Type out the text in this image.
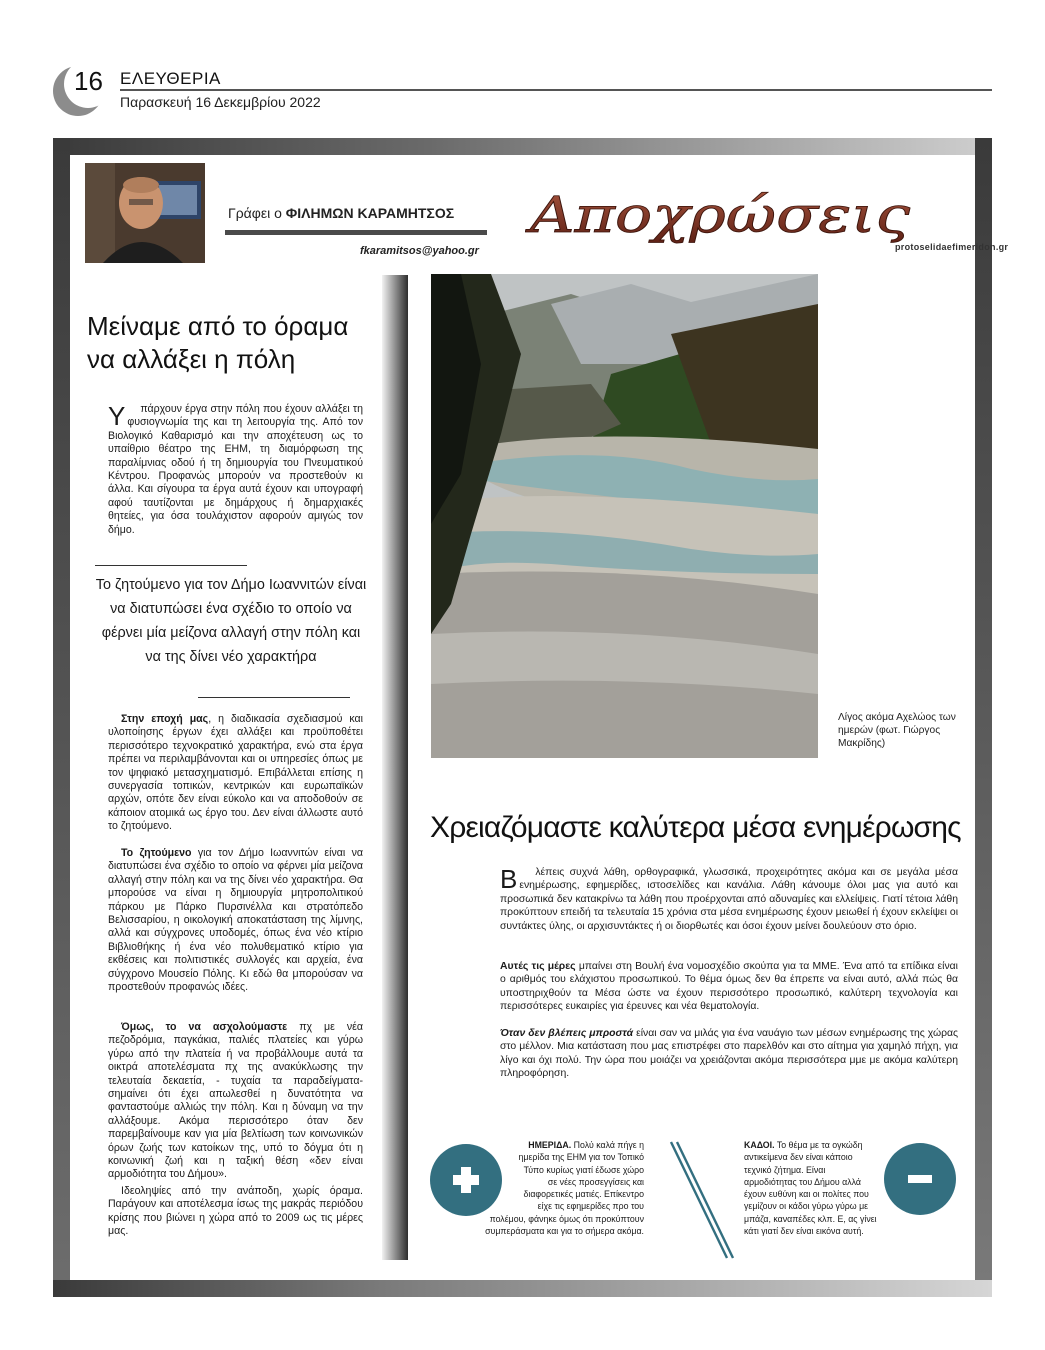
16 ΕΛΕΥΘΕΡΙΑ
Παρασκευή 16 Δεκεμβρίου 2022
Γράφει ο ΦΙΛΗΜΩΝ ΚΑΡΑΜΗΤΣΟΣ
fkaramitsos@yahoo.gr
Αποχρώσεις
protoselidaefimeridon.gr
Μείναμε από το όραμα να αλλάξει η πόλη
Υ πάρχουν έργα στην πόλη που έχουν αλλάξει τη φυσιογνωμία της και τη λειτουργία της. Από τον Βιολογικό Καθαρισμό και την αποχέτευση ως το υπαίθριο θέατρο της ΕΗΜ, τη διαμόρφωση της παραλίμνιας οδού ή τη δημιουργία του Πνευματικού Κέντρου. Προφανώς μπορούν να προστεθούν κι άλλα. Και σίγουρα τα έργα αυτά έχουν και υπογραφή αφού ταυτίζονται με δημάρχους ή δημαρχιακές θητείες, για όσα τουλάχιστον αφορούν αμιγώς τον δήμο.
Το ζητούμενο για τον Δήμο Ιωαννιτών είναι να διατυπώσει ένα σχέδιο το οποίο να φέρνει μία μείζονα αλλαγή στην πόλη και να της δίνει νέο χαρακτήρα
Στην εποχή μας, η διαδικασία σχεδιασμού και υλοποίησης έργων έχει αλλάξει και προϋποθέτει περισσότερο τεχνοκρατικό χαρακτήρα, ενώ στα έργα πρέπει να περιλαμβάνονται και οι υπηρεσίες όπως με τον ψηφιακό μετασχηματισμό. Επιβάλλεται επίσης η συνεργασία τοπικών, κεντρικών και ευρωπαϊκών αρχών, οπότε δεν είναι εύκολο και να αποδοθούν σε κάποιον ατομικά ως έργο του. Δεν είναι άλλωστε αυτό το ζητούμενο.
Το ζητούμενο για τον Δήμο Ιωαννιτών είναι να διατυπώσει ένα σχέδιο το οποίο να φέρνει μία μείζονα αλλαγή στην πόλη και να της δίνει νέο χαρακτήρα. Θα μπορούσε να είναι η δημιουργία μητροπολιτικού πάρκου με Πάρκο Πυρσινέλλα και στρατόπεδο Βελισσαρίου, η οικολογική αποκατάσταση της λίμνης, αλλά και σύγχρονες υποδομές, όπως ένα νέο κτίριο Βιβλιοθήκης ή ένα νέο πολυθεματικό κτίριο για εκθέσεις και πολιτιστικές συλλογές και αρχεία, ένα σύγχρονο Μουσείο Πόλης. Κι εδώ θα μπορούσαν να προστεθούν προφανώς ιδέες.
Όμως, το να ασχολούμαστε πχ με νέα πεζοδρόμια, παγκάκια, παλιές πλατείες και γύρω γύρω από την πλατεία ή να προβάλλουμε αυτά τα οικτρά αποτελέσματα πχ της ανακύκλωσης την τελευταία δεκαετία, - τυχαία τα παραδείγματα- σημαίνει ότι έχει απωλεσθεί η δυνατότητα να φανταστούμε αλλιώς την πόλη. Και η δύναμη να την αλλάξουμε. Ακόμα περισσότερο όταν δεν παρεμβαίνουμε καν για μία βελτίωση των κοινωνικών όρων ζωής των κατοίκων της, υπό το δόγμα ότι η κοινωνική ζωή και η ταξική θέση «δεν είναι αρμοδιότητα του Δήμου».
Ιδεοληψίες από την ανάποδη, χωρίς όραμα. Παράγουν και αποτέλεσμα ίσως της μακράς περιόδου κρίσης που βιώνει η χώρα από το 2009 ως τις μέρες μας.
Λίγος ακόμα Αχελώος των ημερών (φωτ. Γιώργος Μακρίδης)
Χρειαζόμαστε καλύτερα μέσα ενημέρωσης
Β λέπεις συχνά λάθη, ορθογραφικά, γλωσσικά, προχειρότητες ακόμα και σε μεγάλα μέσα ενημέρωσης, εφημερίδες, ιστοσελίδες και κανάλια. Λάθη κάνουμε όλοι μας για αυτό και προσωπικά δεν κατακρίνω τα λάθη που προέρχονται από αδυναμίες και ελλείψεις. Γιατί τέτοια λάθη προκύπτουν επειδή τα τελευταία 15 χρόνια στα μέσα ενημέρωσης έχουν μειωθεί ή έχουν εκλείψει οι συντάκτες ύλης, οι αρχισυντάκτες ή οι διορθωτές και όσοι έχουν μείνει δουλεύουν στο όριο.
Αυτές τις μέρες μπαίνει στη Βουλή ένα νομοσχέδιο σκούπα για τα ΜΜΕ. Ένα από τα επίδικα είναι ο αριθμός του ελάχιστου προσωπικού. Το θέμα όμως δεν θα έπρεπε να είναι αυτό, αλλά πώς θα υποστηριχθούν τα Μέσα ώστε να έχουν περισσότερο προσωπικό, καλύτερη τεχνολογία και περισσότερες ευκαιρίες για έρευνες και νέα θεματολογία.
Όταν δεν βλέπεις μπροστά είναι σαν να μιλάς για ένα ναυάγιο των μέσων ενημέρωσης της χώρας στο μέλλον. Μια κατάσταση που μας επιστρέφει στο παρελθόν και στο αίτημα για χαμηλό πήχη, για λίγο και όχι πολύ. Την ώρα που μοιάζει να χρειάζονται ακόμα περισσότερα μμε με ακόμα καλύτερη πληροφόρηση.
ΗΜΕΡΙΔΑ. Πολύ καλά πήγε η ημερίδα της ΕΗΜ για τον Τοπικό Τύπο κυρίως γιατί έδωσε χώρο σε νέες προσεγγίσεις και διαφορετικές ματιές. Επίκεντρο είχε τις εφημερίδες προ του πολέμου, φάνηκε όμως ότι προκύπτουν συμπεράσματα και για το σήμερα ακόμα.
ΚΑΔΟΙ. Το θέμα με τα ογκώδη αντικείμενα δεν είναι κάποιο τεχνικό ζήτημα. Είναι αρμοδιότητας του Δήμου αλλά έχουν ευθύνη και οι πολίτες που γεμίζουν οι κάδοι γύρω γύρω με μπάζα, καναπέδες κλπ. Ε, ας γίνει κάτι γιατί δεν είναι εικόνα αυτή.
